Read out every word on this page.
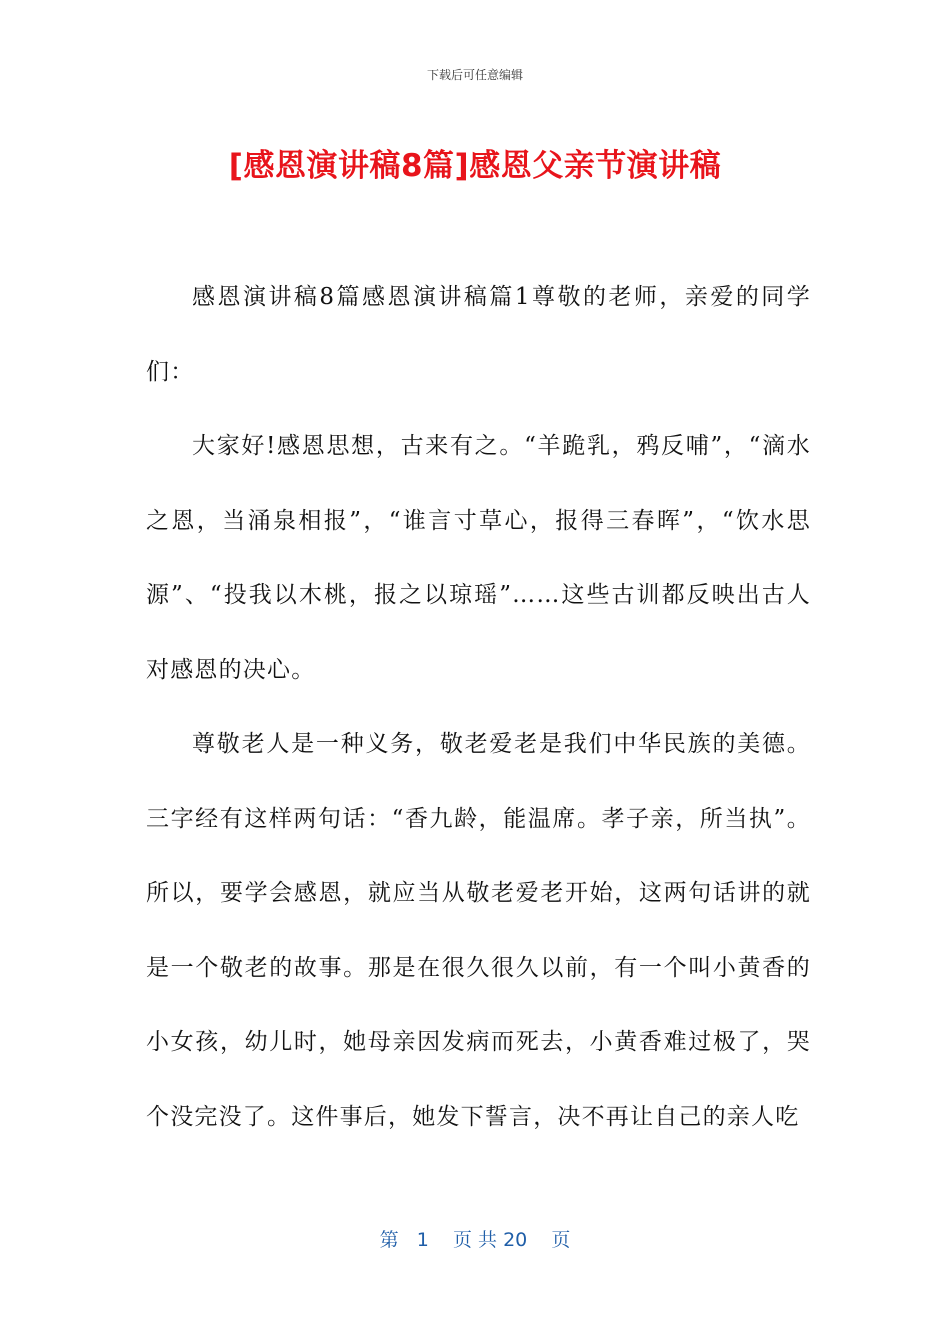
下载后可任意编辑
[感恩演讲稿8篇]感恩父亲节演讲稿

感恩演讲稿8篇感恩演讲稿篇1尊敬的老师，亲爱的同学们：

大家好!感恩思想，古来有之。“羊跪乳，鸦反哺”，“滴水之恩，当涌泉相报”，“谁言寸草心，报得三春晖”，“饮水思源”、“投我以木桃，报之以琼瑶”……这些古训都反映出古人对感恩的决心。

尊敬老人是一种义务，敬老爱老是我们中华民族的美德。三字经有这样两句话：“香九龄，能温席。孝子亲，所当执”。所以，要学会感恩，就应当从敬老爱老开始，这两句话讲的就是一个敬老的故事。那是在很久很久以前，有一个叫小黄香的小女孩，幼儿时，她母亲因发病而死去，小黄香难过极了，哭个没完没了。这件事后，她发下誓言，决不再让自己的亲人吃

第 1 页 共 20 页
